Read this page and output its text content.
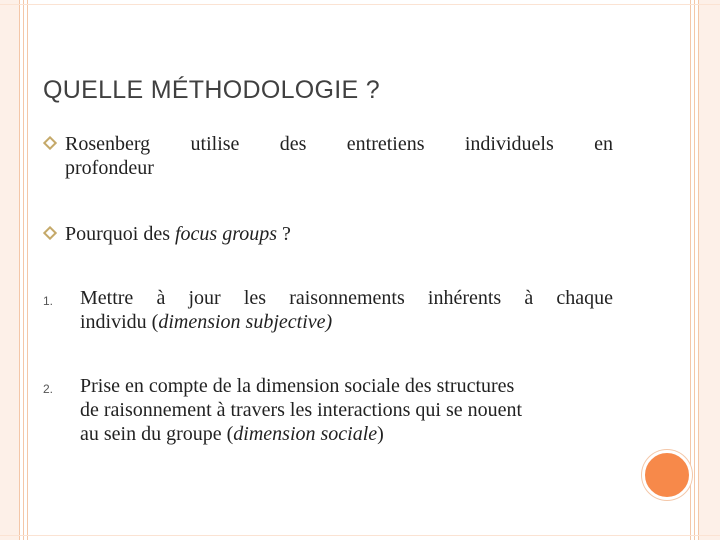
QUELLE MÉTHODOLOGIE ?
Rosenberg utilise des entretiens individuels en
profondeur
Pourquoi des focus groups ?
1. Mettre à jour les raisonnements inhérents à chaque
individu (dimension subjective)
2. Prise en compte de la dimension sociale des structures
de raisonnement à travers les interactions qui se nouent
au sein du groupe (dimension sociale)
